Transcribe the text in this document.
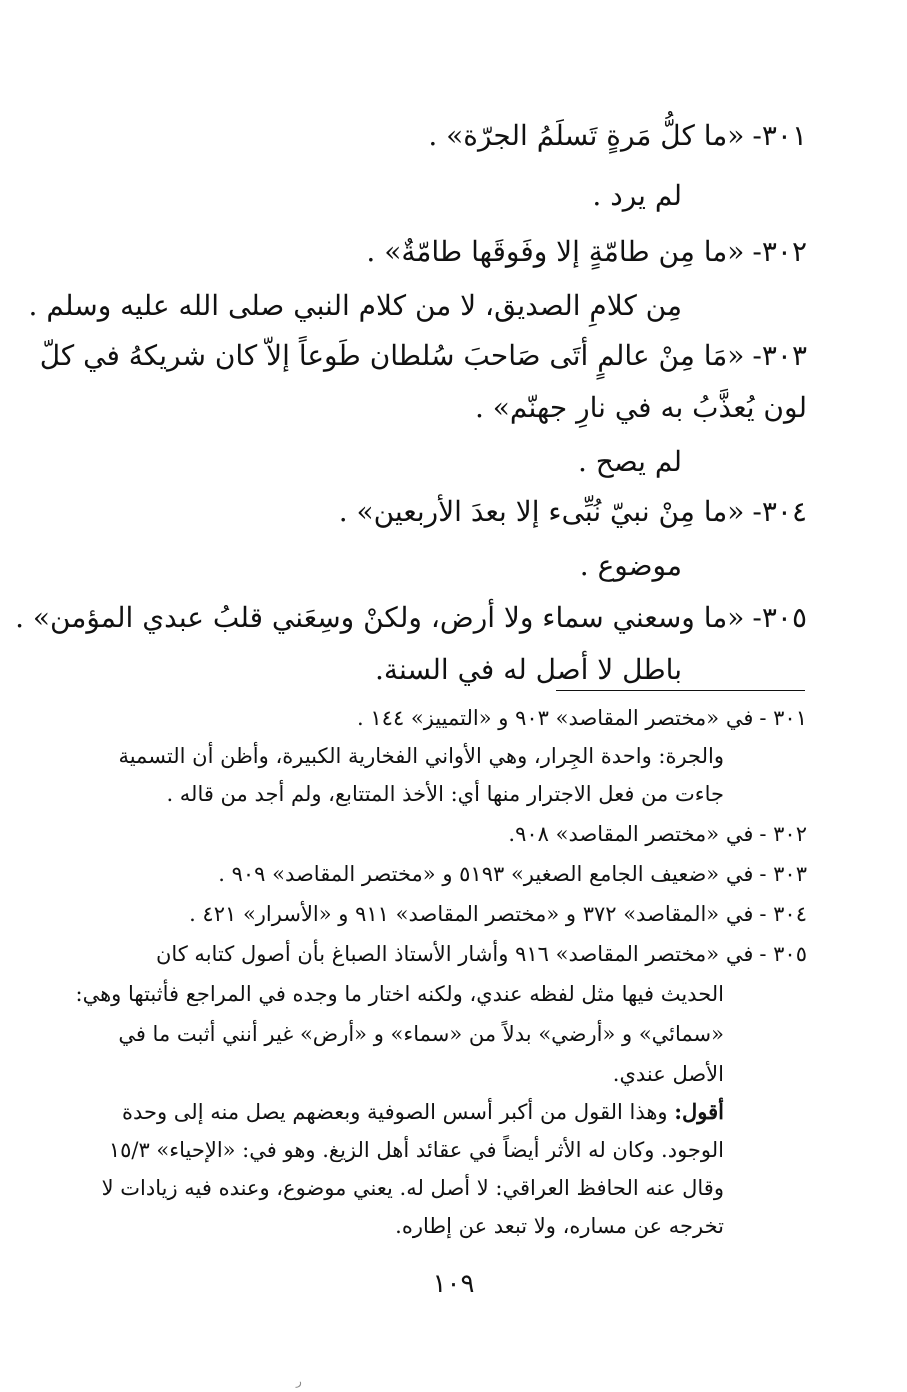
٣٠١-«ما كلُّ مَرةٍ تَسلَمُ الجرّة» .
لم يرد .
٣٠٢-«ما مِن طامّةٍ إلا وفَوقَها طامّةٌ» .
مِن كلامِ الصديق، لا من كلام النبي صلى الله عليه وسلم .
٣٠٣-«مَا مِنْ عالمٍ أتَى صَاحبَ سُلطان طَوعاً إلاّ كان شريكهُ في كلّ
لون يُعذَّبُ به في نارِ جهنّم» .
لم يصح .
٣٠٤-«ما مِنْ نبيّ نُبِّىء إلا بعدَ الأربعين» .
موضوع .
٣٠٥-«ما وسعني سماء ولا أرض، ولكنْ وسِعَني قلبُ عبدي المؤمن» .
باطل لا أصل له في السنة.
٣٠١ -في «مختصر المقاصد» ٩٠٣ و «التمييز» ١٤٤ .
والجرة: واحدة الجِرار، وهي الأواني الفخارية الكبيرة، وأظن أن التسمية
جاءت من فعل الاجترار منها أي: الأخذ المتتابع، ولم أجد من قاله .
٣٠٢ -في «مختصر المقاصد» ٩٠٨.
٣٠٣ -في «ضعيف الجامع الصغير» ٥١٩٣ و «مختصر المقاصد» ٩٠٩ .
٣٠٤ -في «المقاصد» ٣٧٢ و «مختصر المقاصد» ٩١١ و «الأسرار» ٤٢١ .
٣٠٥ -في «مختصر المقاصد» ٩١٦ وأشار الأستاذ الصباغ بأن أصول كتابه كان
الحديث فيها مثل لفظه عندي، ولكنه اختار ما وجده في المراجع فأثبتها وهي:
«سمائي» و «أرضي» بدلاً من «سماء» و «أرض» غير أنني أثبت ما في
الأصل عندي.
أقول: وهذا القول من أكبر أسس الصوفية وبعضهم يصل منه إلى وحدة
الوجود. وكان له الأثر أيضاً في عقائد أهل الزيغ. وهو في: «الإحياء» ١٥/٣
وقال عنه الحافظ العراقي: لا أصل له. يعني موضوع، وعنده فيه زيادات لا
تخرجه عن مساره، ولا تبعد عن إطاره.
١٠٩
ر
